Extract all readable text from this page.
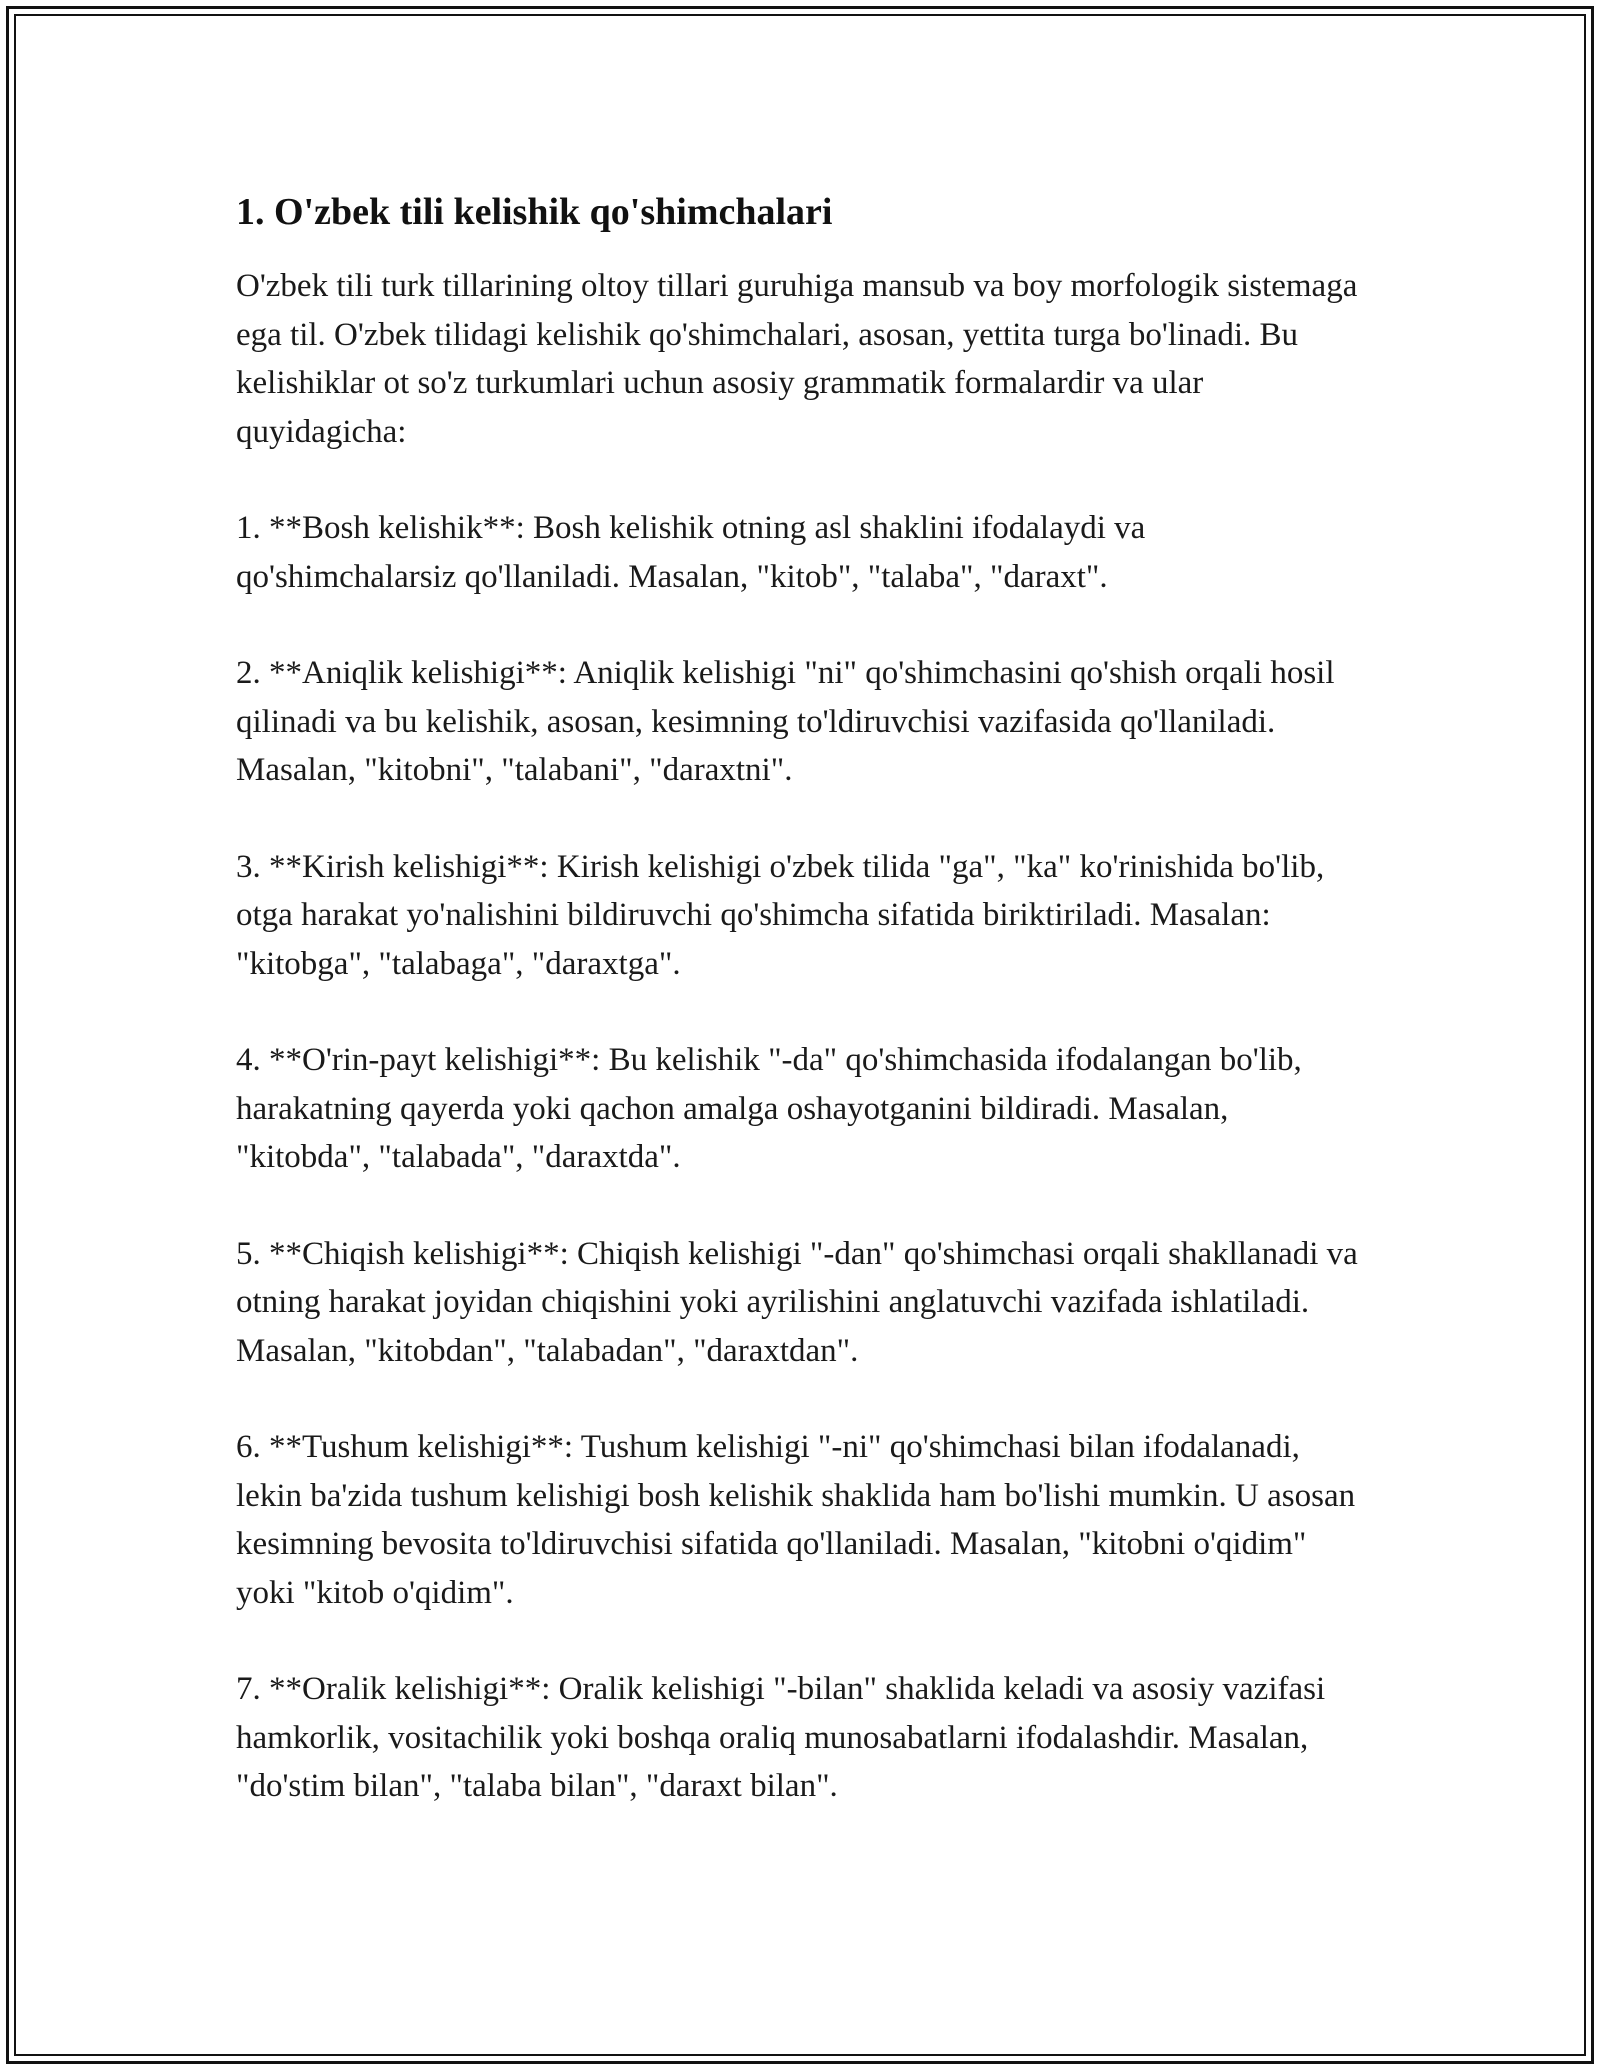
1. O'zbek tili kelishik qo'shimchalari

O'zbek tili turk tillarining oltoy tillari guruhiga mansub va boy morfologik sistemaga ega til. O'zbek tilidagi kelishik qo'shimchalari, asosan, yettita turga bo'linadi. Bu kelishiklar ot so'z turkumlari uchun asosiy grammatik formalardir va ular quyidagicha:

1. **Bosh kelishik**: Bosh kelishik otning asl shaklini ifodalaydi va qo'shimchalarsiz qo'llaniladi. Masalan, "kitob", "talaba", "daraxt".

2. **Aniqlik kelishigi**: Aniqlik kelishigi "ni" qo'shimchasini qo'shish orqali hosil qilinadi va bu kelishik, asosan, kesimning to'ldiruvchisi vazifasida qo'llaniladi. Masalan, "kitobni", "talabani", "daraxtni".

3. **Kirish kelishigi**: Kirish kelishigi o'zbek tilida "ga", "ka" ko'rinishida bo'lib, otga harakat yo'nalishini bildiruvchi qo'shimcha sifatida biriktiriladi. Masalan: "kitobga", "talabaga", "daraxtga".

4. **O'rin-payt kelishigi**: Bu kelishik "-da" qo'shimchasida ifodalangan bo'lib, harakatning qayerda yoki qachon amalga oshayotganini bildiradi. Masalan, "kitobda", "talabada", "daraxtda".

5. **Chiqish kelishigi**: Chiqish kelishigi "-dan" qo'shimchasi orqali shakllanadi va otning harakat joyidan chiqishini yoki ayrilishini anglatuvchi vazifada ishlatiladi. Masalan, "kitobdan", "talabadan", "daraxtdan".

6. **Tushum kelishigi**: Tushum kelishigi "-ni" qo'shimchasi bilan ifodalanadi, lekin ba'zida tushum kelishigi bosh kelishik shaklida ham bo'lishi mumkin. U asosan kesimning bevosita to'ldiruvchisi sifatida qo'llaniladi. Masalan, "kitobni o'qidim" yoki "kitob o'qidim".

7. **Oralik kelishigi**: Oralik kelishigi "-bilan" shaklida keladi va asosiy vazifasi hamkorlik, vositachilik yoki boshqa oraliq munosabatlarni ifodalashdir. Masalan, "do'stim bilan", "talaba bilan", "daraxt bilan".
